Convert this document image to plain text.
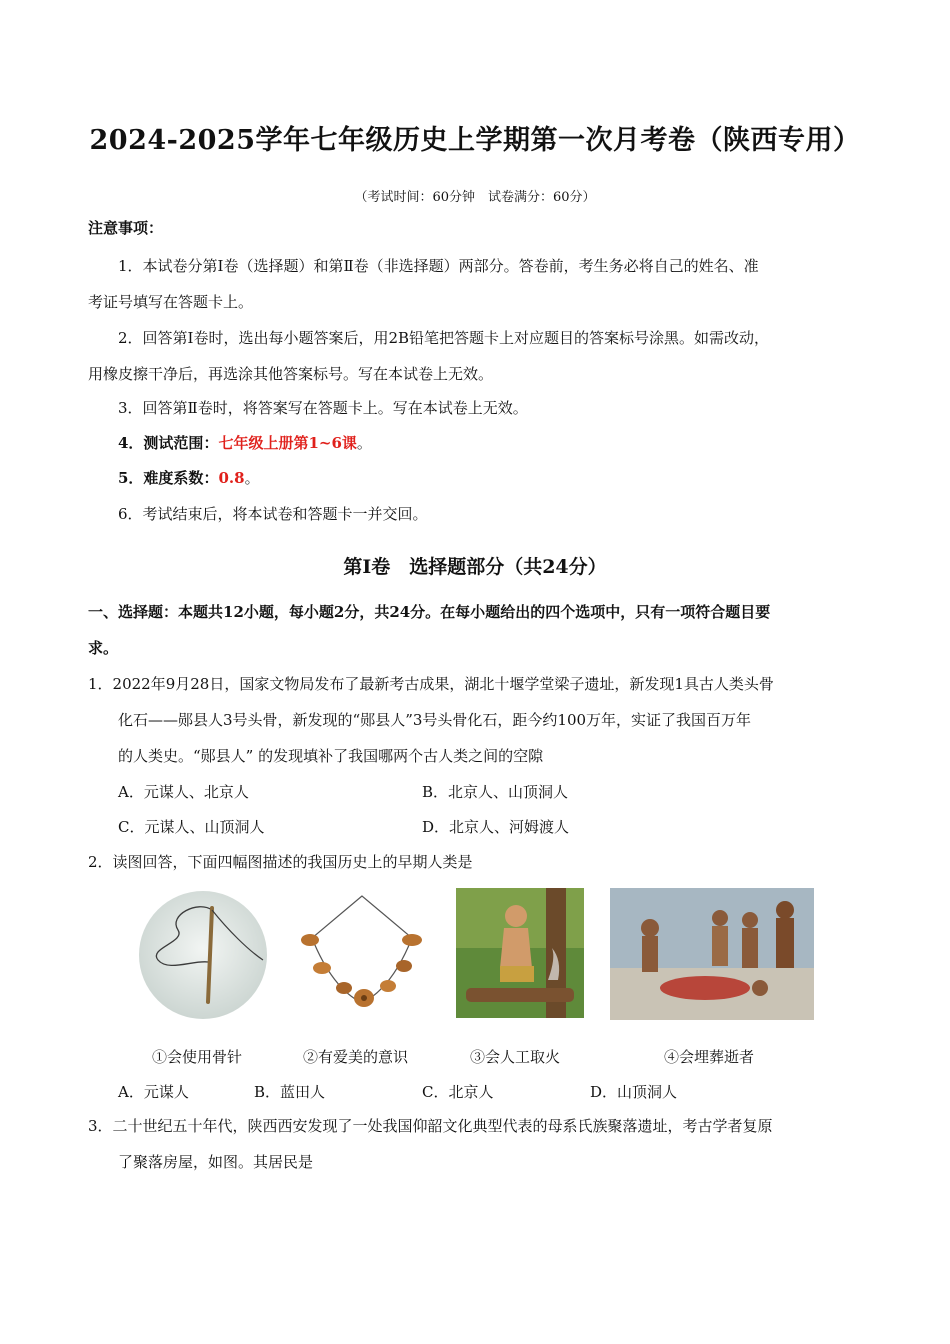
2024-2025学年七年级历史上学期第一次月考卷（陕西专用）
（考试时间：60分钟　试卷满分：60分）
注意事项：
1．本试卷分第Ⅰ卷（选择题）和第Ⅱ卷（非选择题）两部分。答卷前，考生务必将自己的姓名、准
考证号填写在答题卡上。
2．回答第Ⅰ卷时，选出每小题答案后，用2B铅笔把答题卡上对应题目的答案标号涂黑。如需改动，
用橡皮擦干净后，再选涂其他答案标号。写在本试卷上无效。
3．回答第Ⅱ卷时，将答案写在答题卡上。写在本试卷上无效。
4．测试范围：七年级上册第1~6课。
5．难度系数：0.8。
6．考试结束后，将本试卷和答题卡一并交回。
第Ⅰ卷　选择题部分（共24分）
一、选择题：本题共12小题，每小题2分，共24分。在每小题给出的四个选项中，只有一项符合题目要
求。
1．2022年9月28日，国家文物局发布了最新考古成果，湖北十堰学堂梁子遗址，新发现1具古人类头骨
化石——郧县人3号头骨，新发现的“郧县人”3号头骨化石，距今约100万年，实证了我国百万年
的人类史。“郧县人” 的发现填补了我国哪两个古人类之间的空隙
A．元谋人、北京人	B．北京人、山顶洞人
C．元谋人、山顶洞人	D．北京人、河姆渡人
2．读图回答，下面四幅图描述的我国历史上的早期人类是
①会使用骨针	②有爱美的意识	③会人工取火	④会埋葬逝者
A．元谋人	B．蓝田人	C．北京人	D．山顶洞人
3．二十世纪五十年代，陕西西安发现了一处我国仰韶文化典型代表的母系氏族聚落遗址，考古学者复原
了聚落房屋，如图。其居民是
